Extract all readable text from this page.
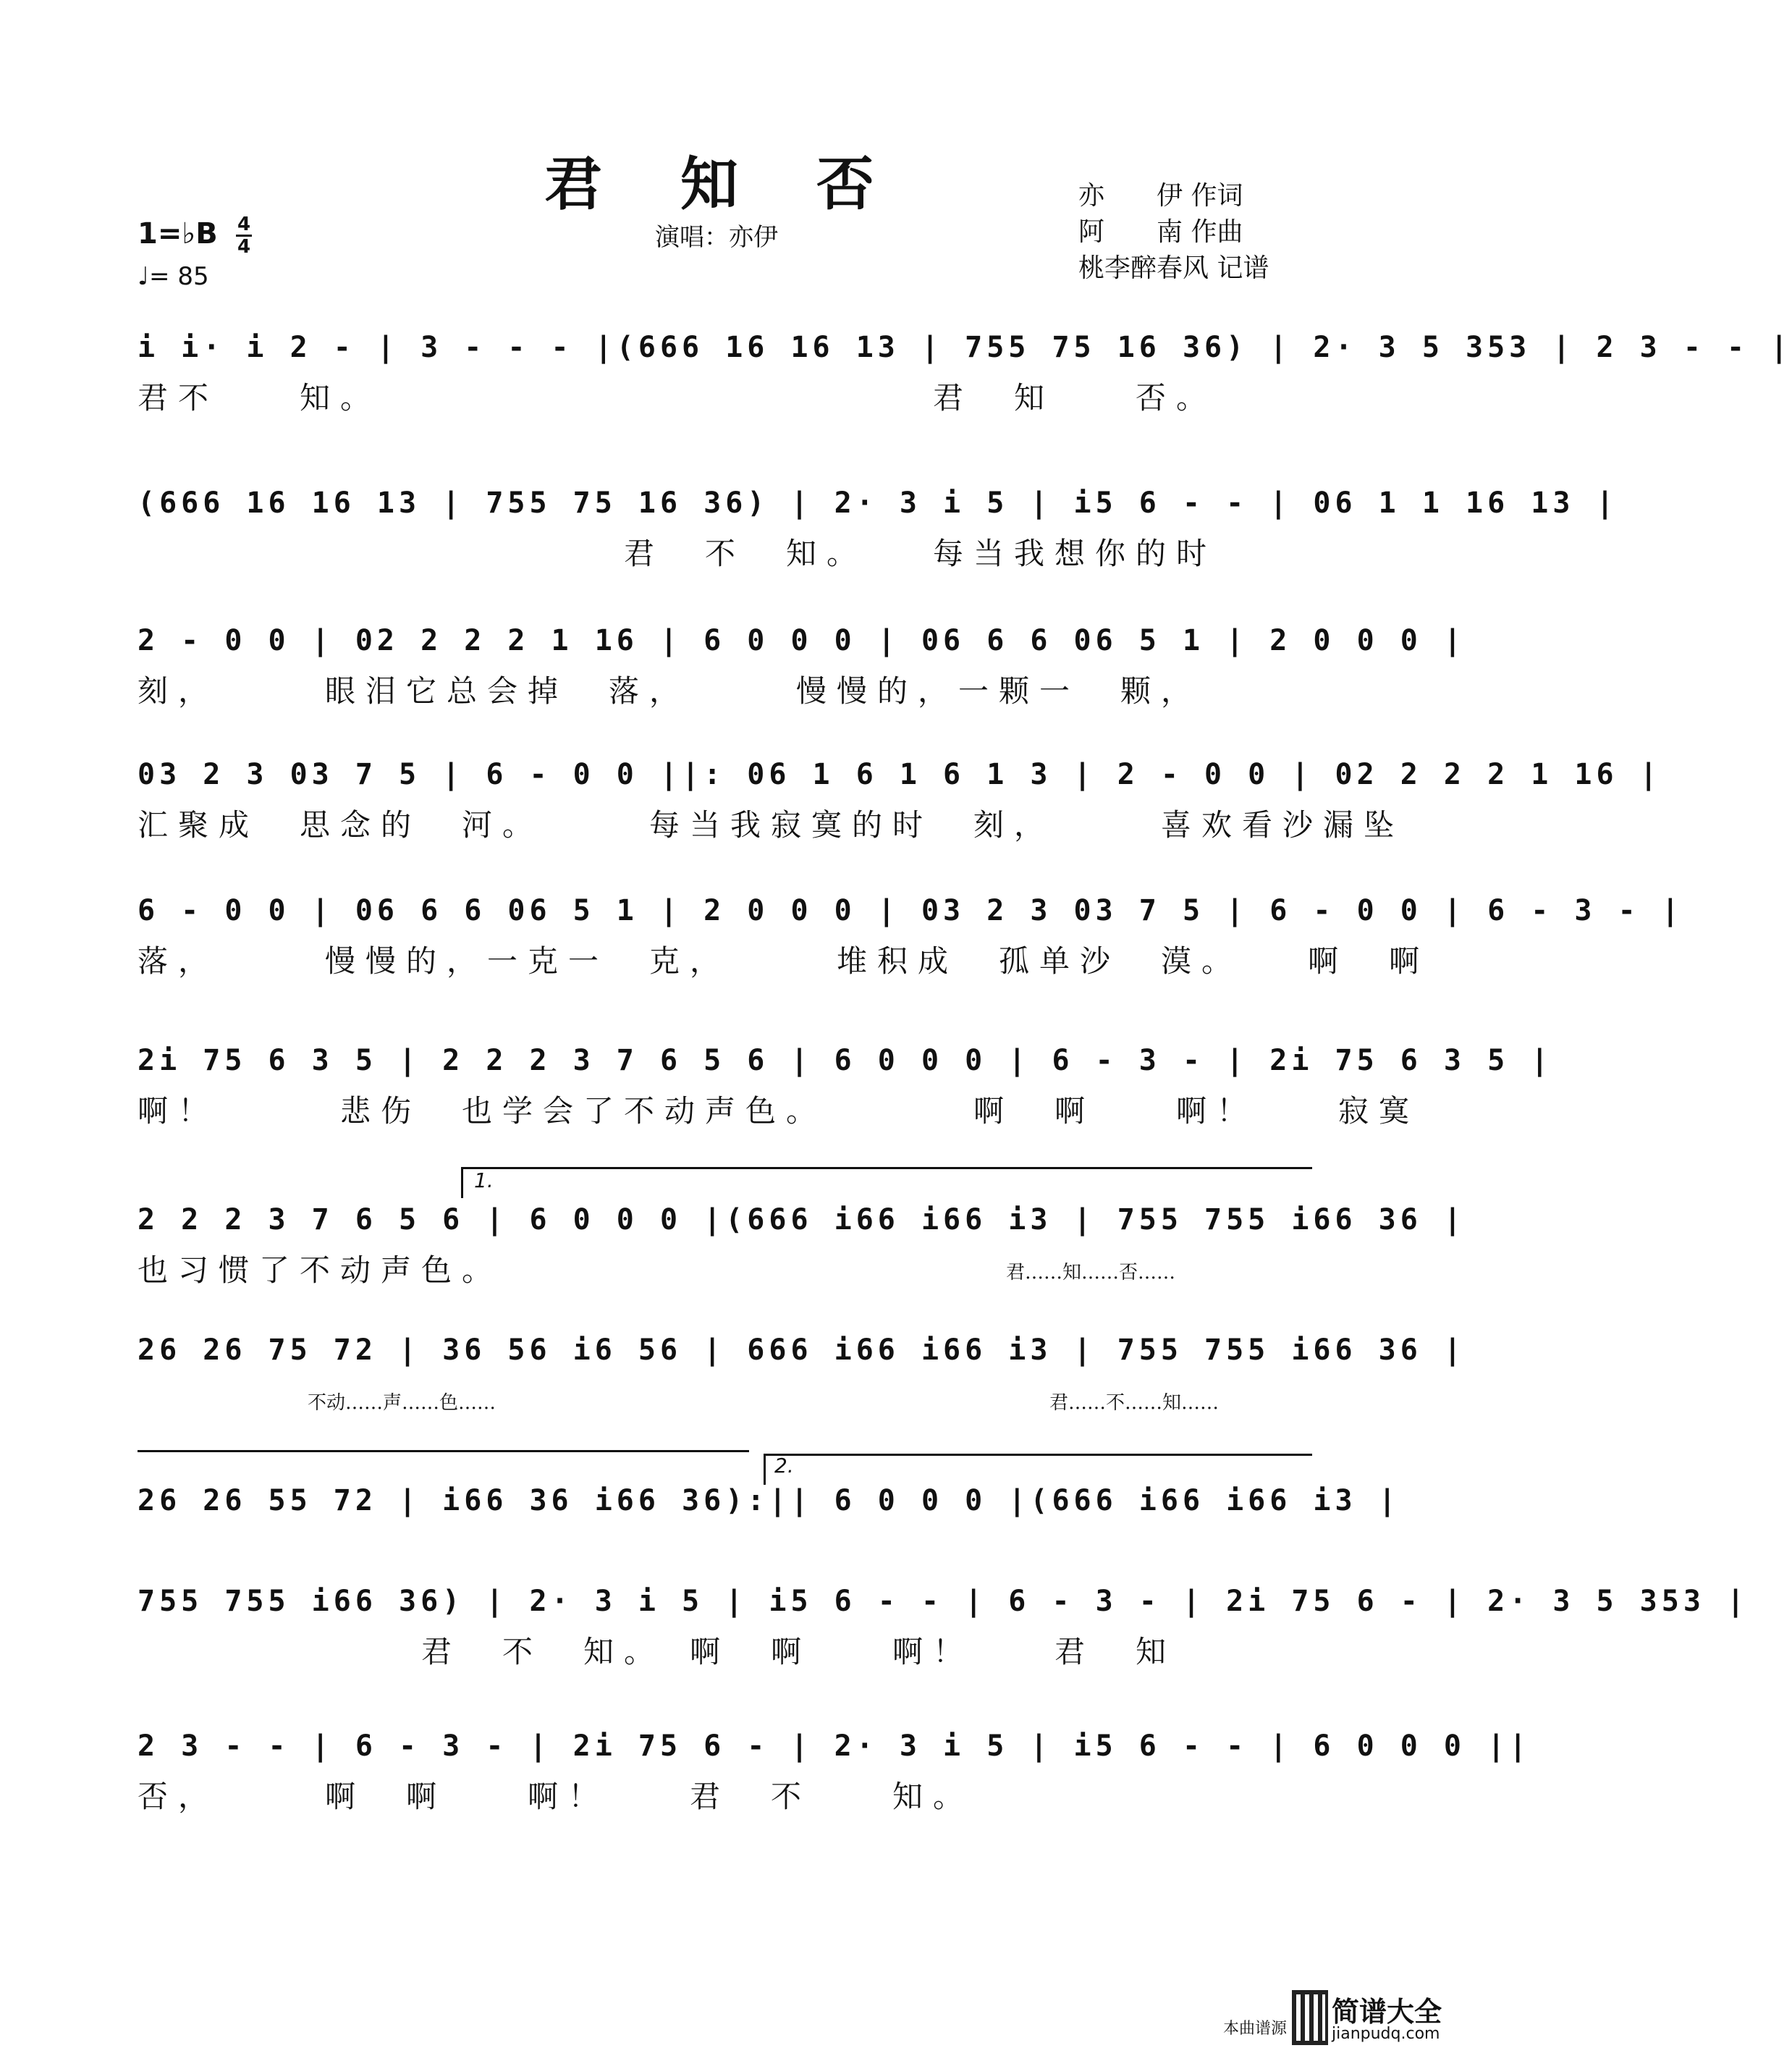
君 知 否
演唱：亦伊
亦　　伊 作词
阿　　南 作曲
桃李醉春风 记谱
1=♭B 4
4
♩= 85
i i· i 2 - | 3 - - - |(666 16 16 13 | 755 75 16 36) | 2· 3 5 353 | 2 3 - - |
君不　　知。　　　　　　　　　　　　　　君　知　　否。
(666 16 16 13 | 755 75 16 36) | 2· 3 i 5 | i5 6 - - | 06 1 1 16 13 |
　　　　　　　　　　　　君　不　知。　　每当我想你的时
2 - 0 0 | 02 2 2 2 1 16 | 6 0 0 0 | 06 6 6 06 5 1 | 2 0 0 0 |
刻，　　　眼泪它总会掉　落，　　　慢慢的，一颗一　颗，
03 2 3 03 7 5 | 6 - 0 0 ||: 06 1 6 1 6 1 3 | 2 - 0 0 | 02 2 2 2 1 16 |
汇聚成　思念的　河。　　　每当我寂寞的时　刻，　　　喜欢看沙漏坠
6 - 0 0 | 06 6 6 06 5 1 | 2 0 0 0 | 03 2 3 03 7 5 | 6 - 0 0 | 6 - 3 - |
落，　　　慢慢的，一克一　克，　　　堆积成　孤单沙　漠。　　啊　啊
2i 75 6 3 5 | 2 2 2 3 7 6 5 6 | 6 0 0 0 | 6 - 3 - | 2i 75 6 3 5 |
啊！　　　悲伤　也学会了不动声色。　　　　啊　啊　　啊！　　寂寞
1.
2 2 2 3 7 6 5 6 | 6 0 0 0 |(666 i66 i66 i3 | 755 755 i66 36 |
也习惯了不动声色。	君……知……否……
26 26 75 72 | 36 56 i6 56 | 666 i66 i66 i3 | 755 755 i66 36 |
不动……声……色……	君……不……知……
2.
26 26 55 72 | i66 36 i66 36):|| 6 0 0 0 |(666 i66 i66 i3 |
755 755 i66 36) | 2· 3 i 5 | i5 6 - - | 6 - 3 - | 2i 75 6 - | 2· 3 5 353 |
　　　　　　　君　不　知。　啊　啊　　啊！　　君　知
2 3 - - | 6 - 3 - | 2i 75 6 - | 2· 3 i 5 | i5 6 - - | 6 0 0 0 ||
否，　　　啊　啊　　啊！　　君　不　　知。
本曲谱源
简谱大全
jianpudq.com
